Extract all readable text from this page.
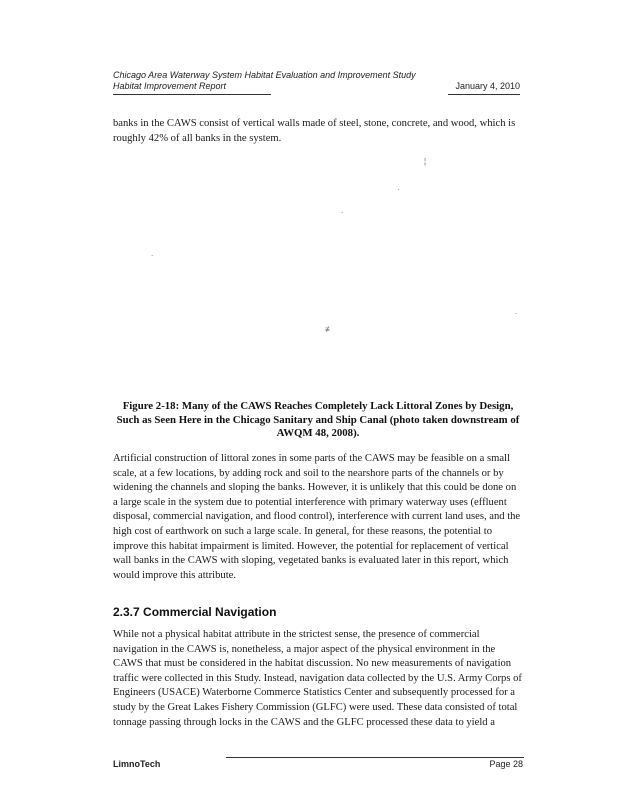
Chicago Area Waterway System Habitat Evaluation and Improvement Study
Habitat Improvement Report	January 4, 2010

banks in the CAWS consist of vertical walls made of steel, stone, concrete, and wood, which is roughly 42% of all banks in the system.

¦
·
.
.
≢
.

Figure 2-18: Many of the CAWS Reaches Completely Lack Littoral Zones by Design, Such as Seen Here in the Chicago Sanitary and Ship Canal (photo taken downstream of AWQM 48, 2008).

Artificial construction of littoral zones in some parts of the CAWS may be feasible on a small scale, at a few locations, by adding rock and soil to the nearshore parts of the channels or by widening the channels and sloping the banks. However, it is unlikely that this could be done on a large scale in the system due to potential interference with primary waterway uses (effluent disposal, commercial navigation, and flood control), interference with current land uses, and the high cost of earthwork on such a large scale. In general, for these reasons, the potential to improve this habitat impairment is limited. However, the potential for replacement of vertical wall banks in the CAWS with sloping, vegetated banks is evaluated later in this report, which would improve this attribute.

2.3.7 Commercial Navigation

While not a physical habitat attribute in the strictest sense, the presence of commercial navigation in the CAWS is, nonetheless, a major aspect of the physical environment in the CAWS that must be considered in the habitat discussion. No new measurements of navigation traffic were collected in this Study. Instead, navigation data collected by the U.S. Army Corps of Engineers (USACE) Waterborne Commerce Statistics Center and subsequently processed for a study by the Great Lakes Fishery Commission (GLFC) were used. These data consisted of total tonnage passing through locks in the CAWS and the GLFC processed these data to yield a

LimnoTech	Page 28
